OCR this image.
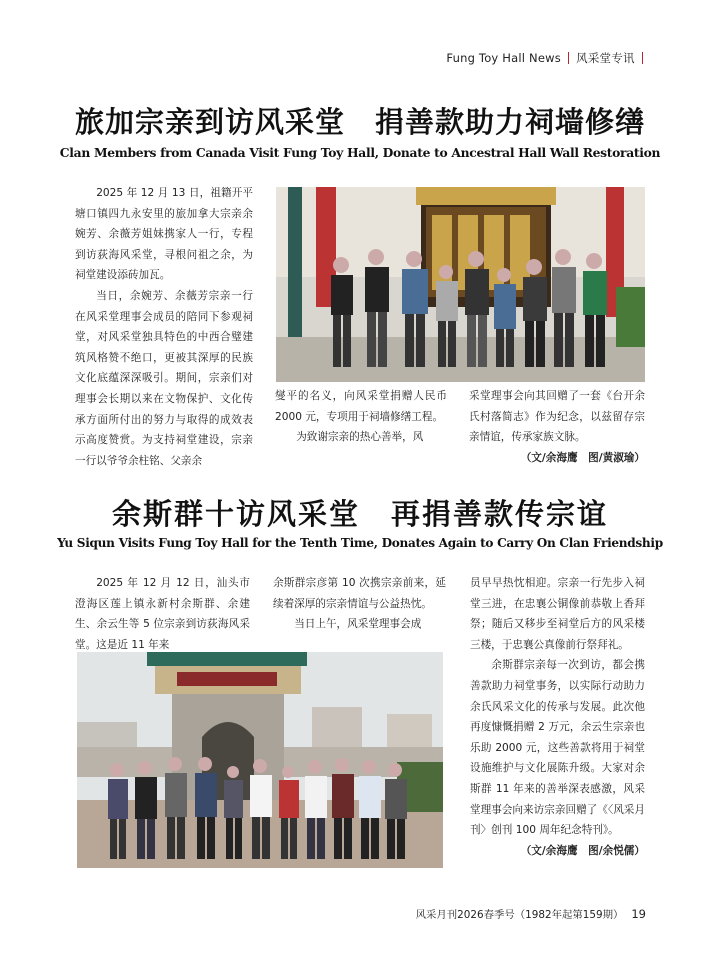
Fung Toy Hall News 风采堂专讯
旅加宗亲到访风采堂　捐善款助力祠墙修缮
Clan Members from Canada Visit Fung Toy Hall, Donate to Ancestral Hall Wall Restoration

2025 年 12 月 13 日，祖籍开平塘口镇四九永安里的旅加拿大宗亲余婉芳、余薇芳姐妹携家人一行，专程到访荻海风采堂，寻根问祖之余，为祠堂建设添砖加瓦。

当日，余婉芳、余薇芳宗亲一行在风采堂理事会成员的陪同下参观祠堂，对风采堂独具特色的中西合璧建筑风格赞不绝口，更被其深厚的民族文化底蕴深深吸引。期间，宗亲们对理事会长期以来在文物保护、文化传承方面所付出的努力与取得的成效表示高度赞赏。为支持祠堂建设，宗亲一行以爷爷余柱铭、父亲余

燮平的名义，向风采堂捐赠人民币 2000 元，专项用于祠墙修缮工程。

为致谢宗亲的热心善举，风

采堂理事会向其回赠了一套《台开余氏村落简志》作为纪念，以兹留存宗亲情谊，传承家族文脉。

（文/余海鹰　图/黄淑瑜）
余斯群十访风采堂　再捐善款传宗谊
Yu Siqun Visits Fung Toy Hall for the Tenth Time, Donates Again to Carry On Clan Friendship

2025 年 12 月 12 日，汕头市澄海区莲上镇永新村余斯群、余建生、余云生等 5 位宗亲到访荻海风采堂。这是近 11 年来

余斯群宗彦第 10 次携宗亲前来，延续着深厚的宗亲情谊与公益热忱。

当日上午，风采堂理事会成

员早早热忱相迎。宗亲一行先步入祠堂三进，在忠襄公铜像前恭敬上香拜祭；随后又移步至祠堂后方的风采楼三楼，于忠襄公真像前行祭拜礼。

余斯群宗亲每一次到访，都会携善款助力祠堂事务，以实际行动助力余氏风采文化的传承与发展。此次他再度慷慨捐赠 2 万元，余云生宗亲也乐助 2000 元，这些善款将用于祠堂设施维护与文化展陈升级。大家对余斯群 11 年来的善举深表感激，风采堂理事会向来访宗亲回赠了《〈风采月刊〉创刊 100 周年纪念特刊》。

（文/余海鹰　图/余悦儒）
风采月刊2026春季号（1982年起第159期） 19
